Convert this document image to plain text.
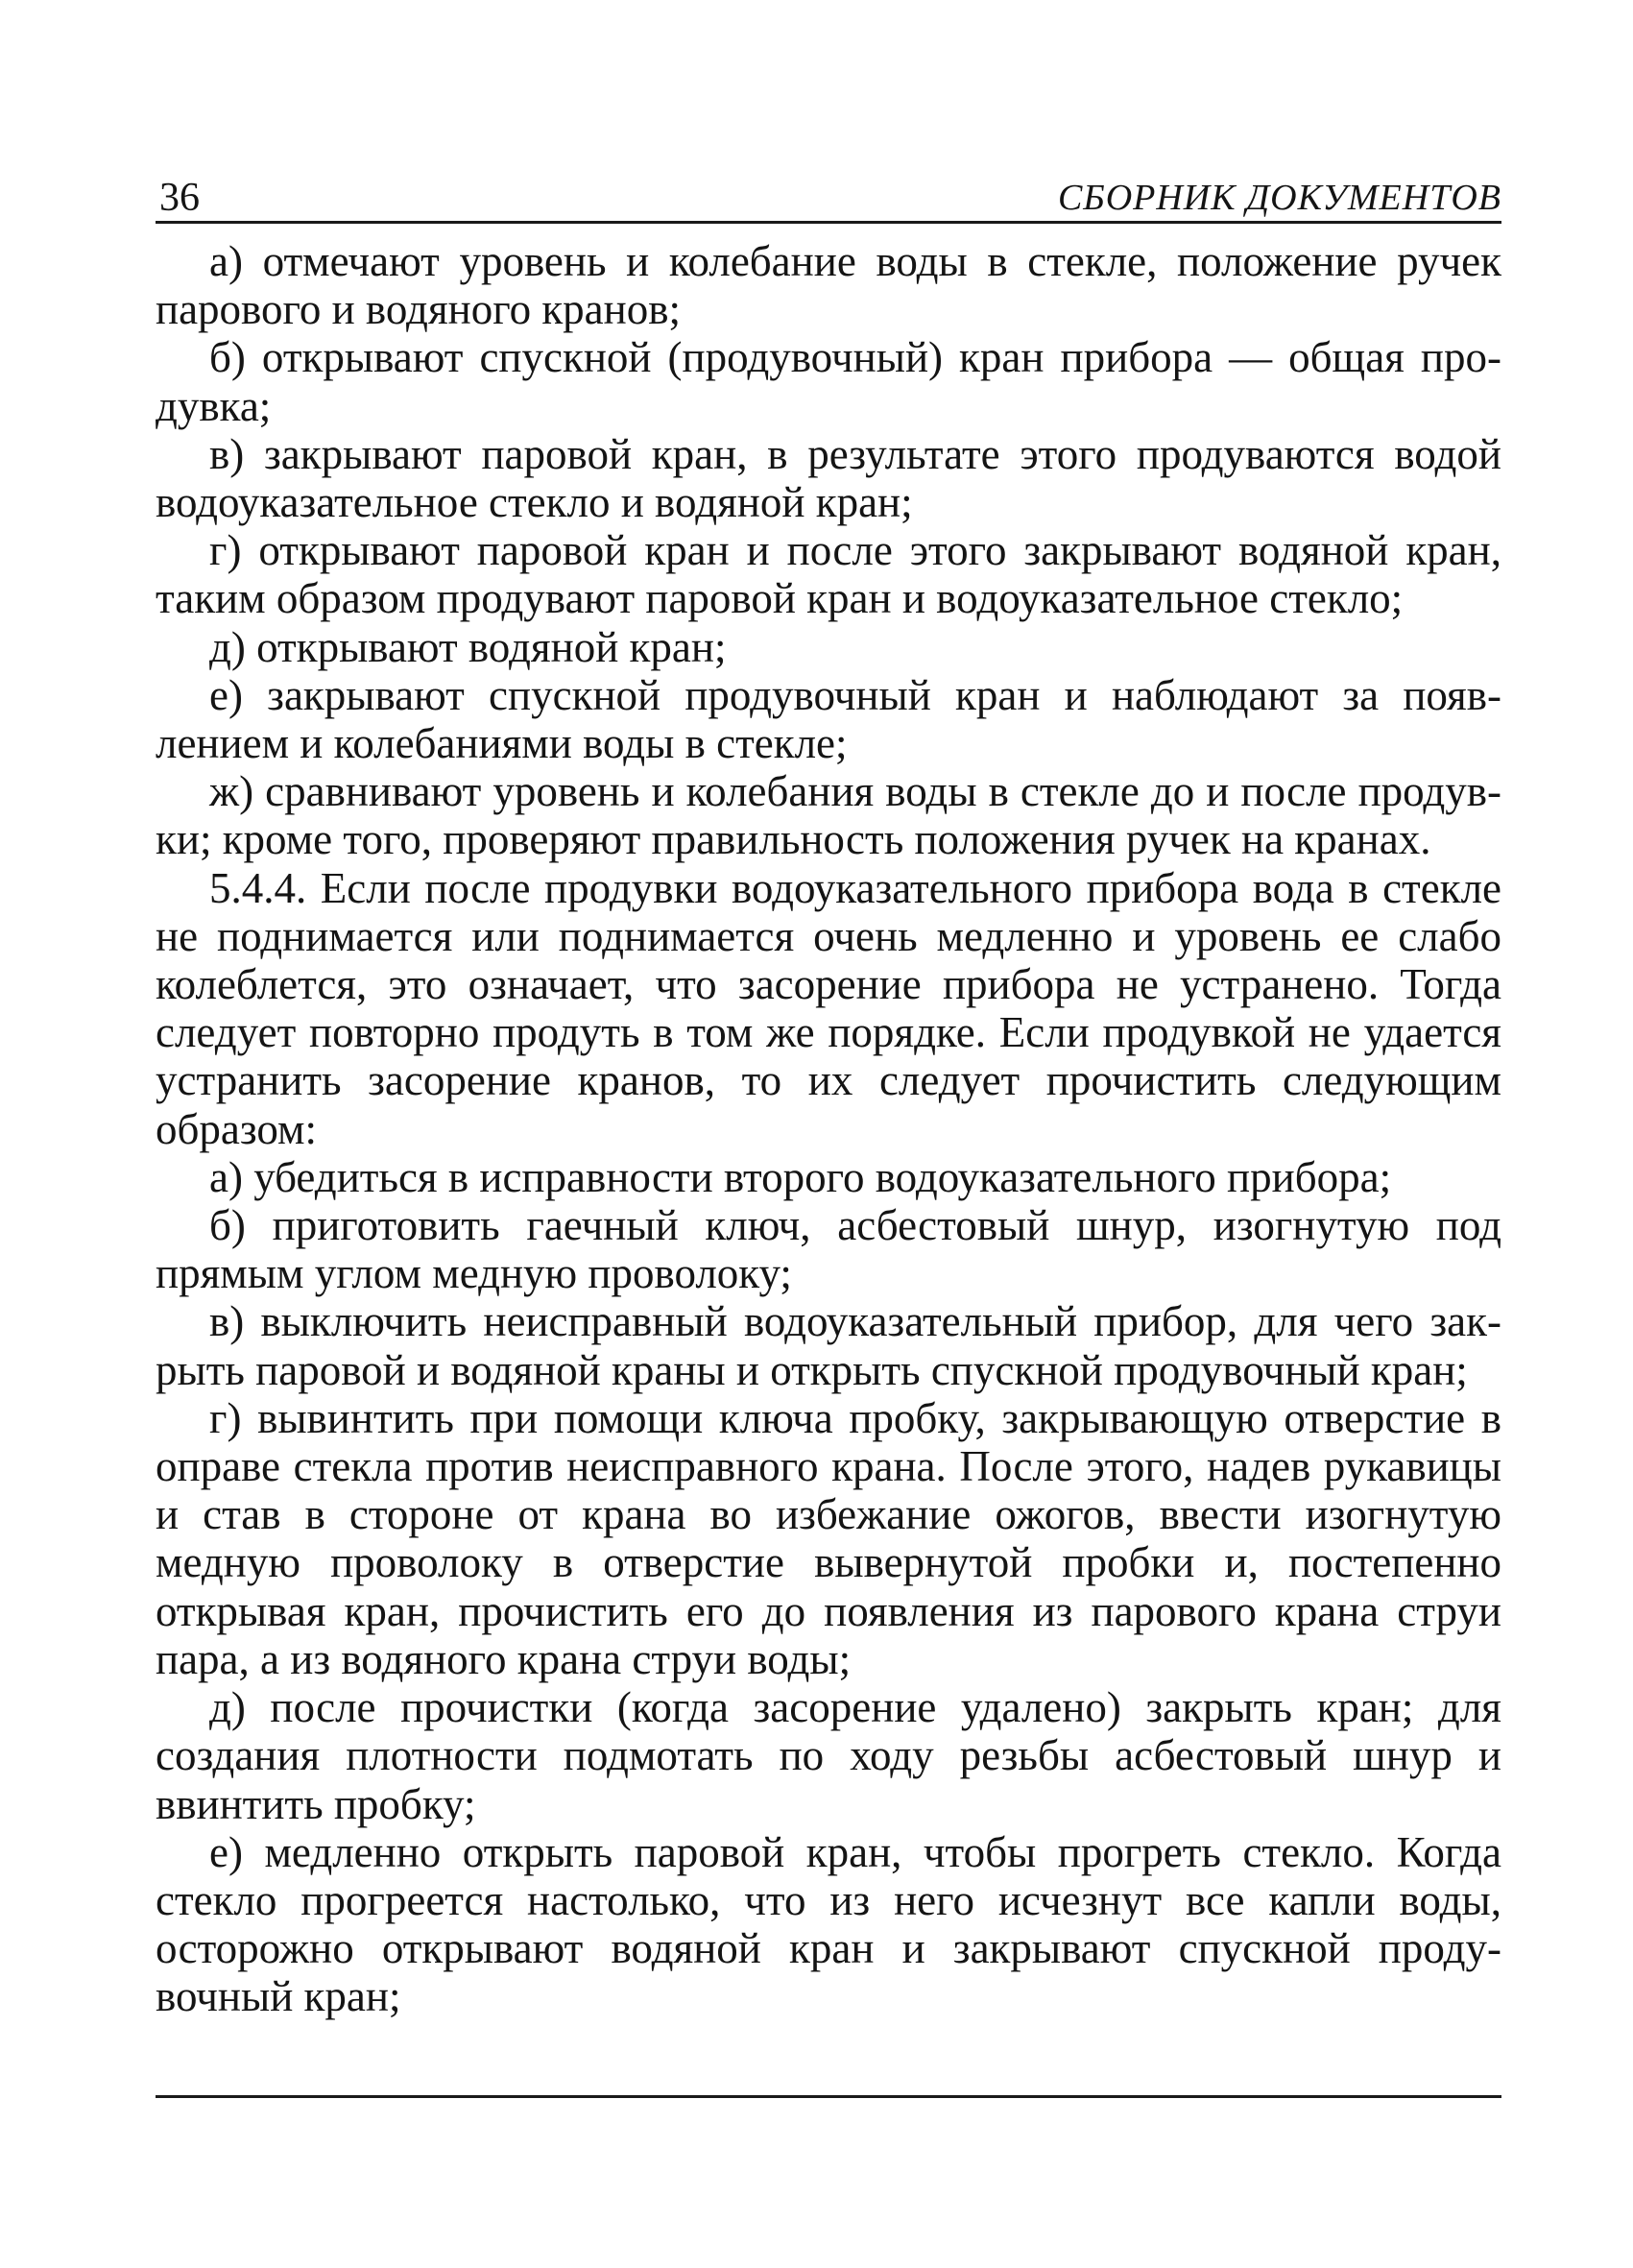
36	СБОРНИК ДОКУМЕНТОВ

а) отмечают уровень и колебание воды в стекле, положение ручек парового и водяного кранов;

б) открывают спускной (продувочный) кран прибора — общая продувка;

в) закрывают паровой кран, в результате этого продуваются водой водоуказательное стекло и водяной кран;

г) открывают паровой кран и после этого закрывают водяной кран, таким образом продувают паровой кран и водоуказательное стекло;

д) открывают водяной кран;

е) закрывают спускной продувочный кран и наблюдают за появлением и колебаниями воды в стекле;

ж) сравнивают уровень и колебания воды в стекле до и после продувки; кроме того, проверяют правильность положения ручек на кранах.

5.4.4. Если после продувки водоуказательного прибора вода в стекле не поднимается или поднимается очень медленно и уровень ее слабо колеблется, это означает, что засорение прибора не устранено. Тогда следует повторно продуть в том же порядке. Если продувкой не удается устранить засорение кранов, то их следует прочистить следующим образом:

а) убедиться в исправности второго водоуказательного прибора;

б) приготовить гаечный ключ, асбестовый шнур, изогнутую под прямым углом медную проволоку;

в) выключить неисправный водоуказательный прибор, для чего закрыть паровой и водяной краны и открыть спускной продувочный кран;

г) вывинтить при помощи ключа пробку, закрывающую отверстие в оправе стекла против неисправного крана. После этого, надев рукавицы и став в стороне от крана во избежание ожогов, ввести изогнутую медную проволоку в отверстие вывернутой пробки и, постепенно открывая кран, прочистить его до появления из парового крана струи пара, а из водяного крана струи воды;

д) после прочистки (когда засорение удалено) закрыть кран; для создания плотности подмотать по ходу резьбы асбестовый шнур и ввинтить пробку;

е) медленно открыть паровой кран, чтобы прогреть стекло. Когда стекло прогреется настолько, что из него исчезнут все капли воды, осторожно открывают водяной кран и закрывают спускной продувочный кран;
